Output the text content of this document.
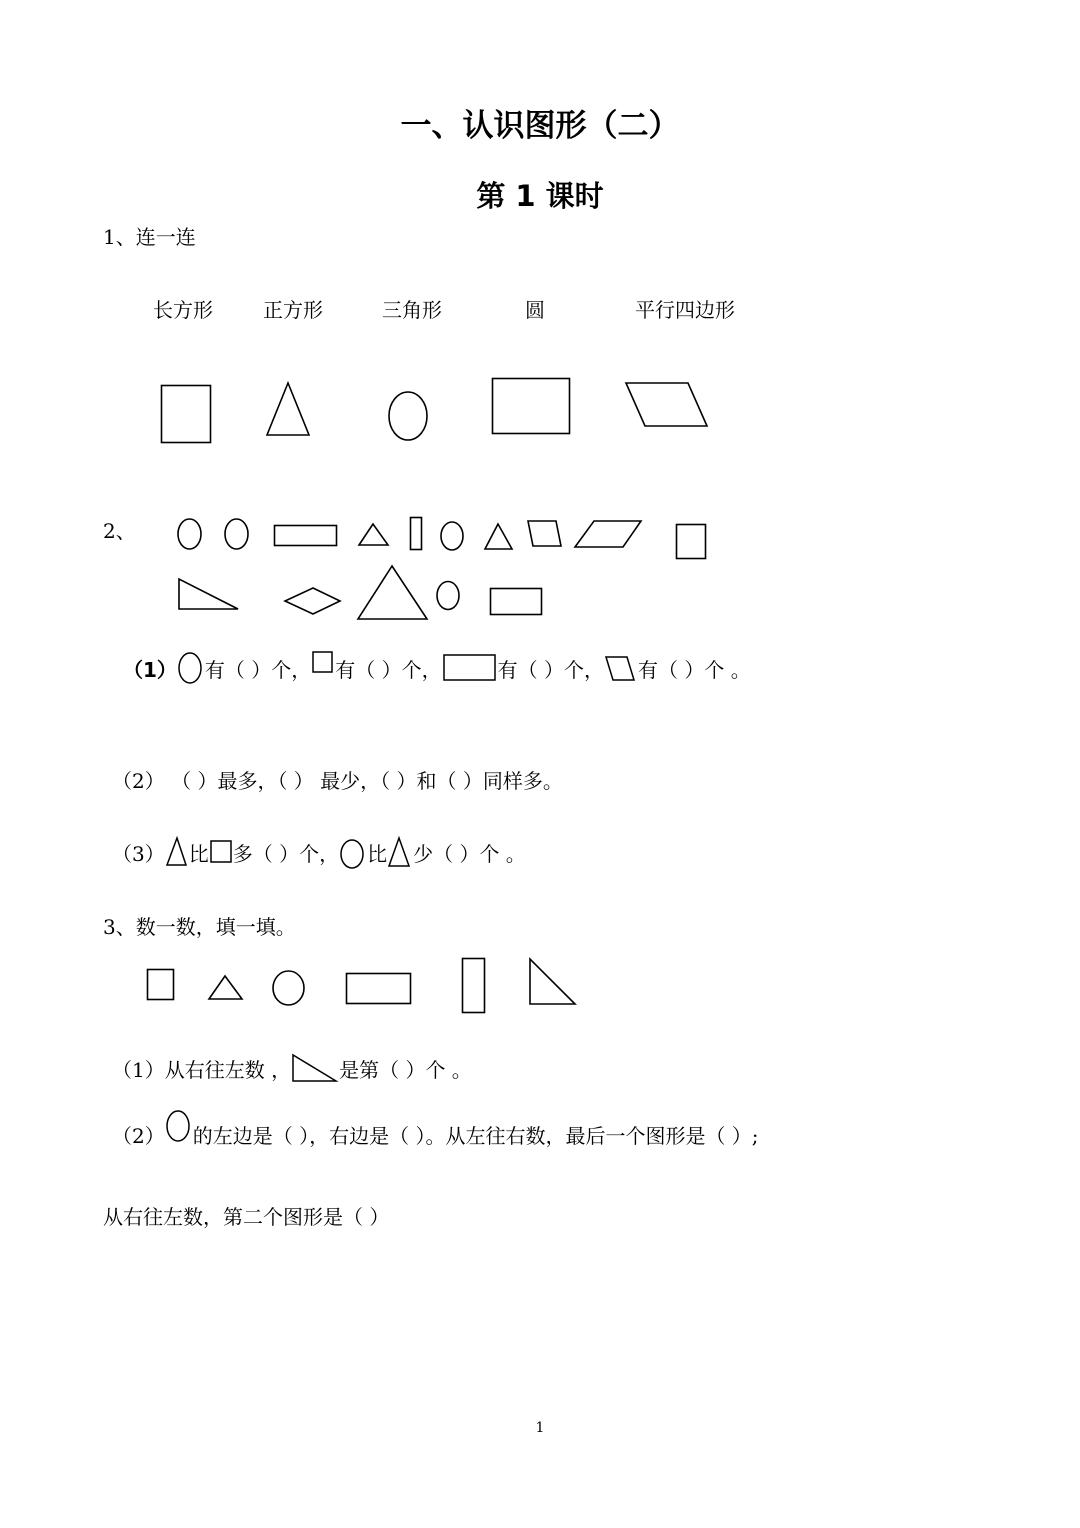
一、认识图形（二）
第 1 课时
1、连一连
长方形	正方形	三角形	圆	平行四边形
2、
（1） 有（ ）个， 有（ ）个，	有（ ）个， 有（ ）个 。
（2） （ ）最多，（ ） 最少，（ ）和（ ）同样多。
（3） 比 多（ ）个， 比 少（ ）个 。
3、数一数，填一填。
（1）从右往左数 ， 是第（ ）个 。
（2） 的左边是（ ），右边是（ ）。从左往右数，最后一个图形是（ ）;
从右往左数，第二个图形是（ ）
1
